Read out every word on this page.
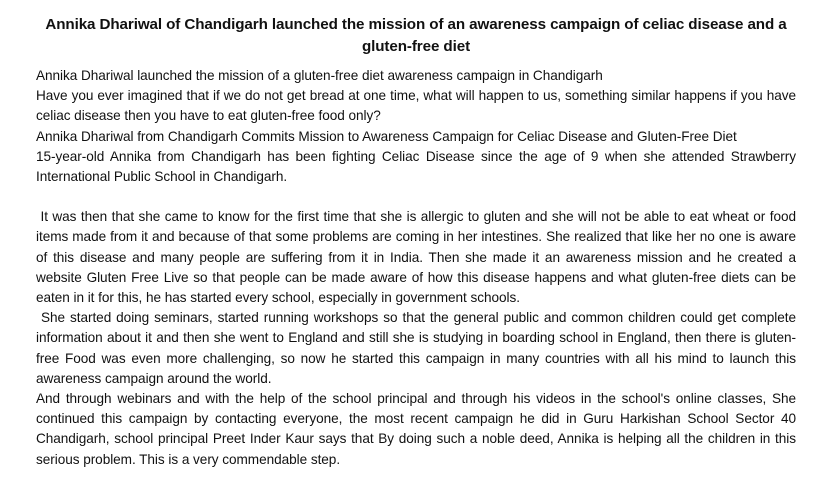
Annika Dhariwal of Chandigarh launched the mission of an awareness campaign of celiac disease and a gluten-free diet

Annika Dhariwal launched the mission of a gluten-free diet awareness campaign in Chandigarh

Have you ever imagined that if we do not get bread at one time, what will happen to us, something similar happens if you have celiac disease then you have to eat gluten-free food only?

Annika Dhariwal from Chandigarh Commits Mission to Awareness Campaign for Celiac Disease and Gluten-Free Diet

15-year-old Annika from Chandigarh has been fighting Celiac Disease since the age of 9 when she attended Strawberry International Public School in Chandigarh.

It was then that she came to know for the first time that she is allergic to gluten and she will not be able to eat wheat or food items made from it and because of that some problems are coming in her intestines. She realized that like her no one is aware of this disease and many people are suffering from it in India. Then she made it an awareness mission and he created a website Gluten Free Live so that people can be made aware of how this disease happens and what gluten-free diets can be eaten in it for this, he has started every school, especially in government schools.

She started doing seminars, started running workshops so that the general public and common children could get complete information about it and then she went to England and still she is studying in boarding school in England, then there is gluten-free Food was even more challenging, so now he started this campaign in many countries with all his mind to launch this awareness campaign around the world.

And through webinars and with the help of the school principal and through his videos in the school's online classes, She continued this campaign by contacting everyone, the most recent campaign he did in Guru Harkishan School Sector 40 Chandigarh, school principal Preet Inder Kaur says that By doing such a noble deed, Annika is helping all the children in this serious problem. This is a very commendable step.
